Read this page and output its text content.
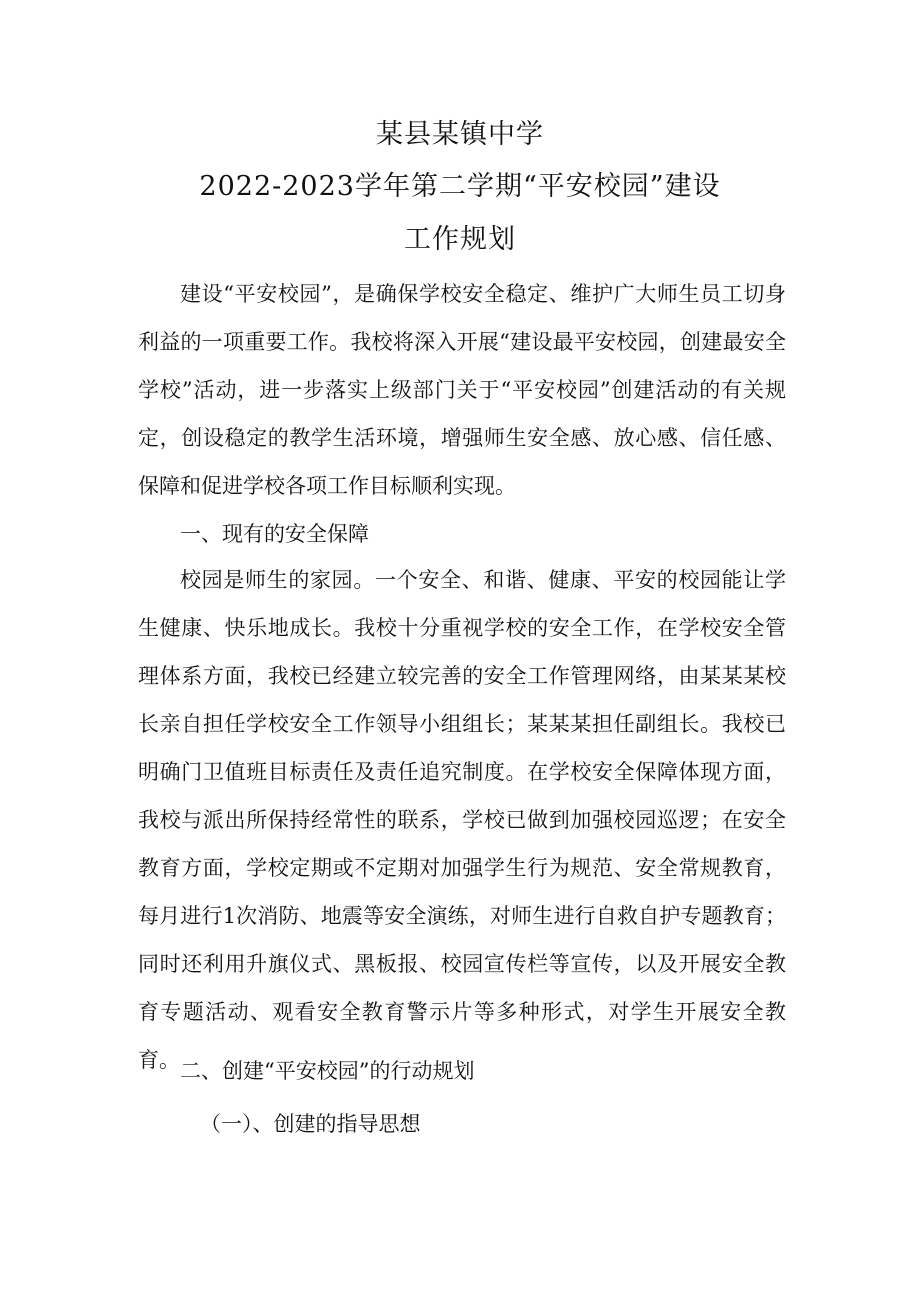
某县某镇中学
2022-2023学年第二学期“平安校园”建设
工作规划

建设“平安校园”，是确保学校安全稳定、维护广大师生员工切身利益的一项重要工作。我校将深入开展“建设最平安校园，创建最安全学校”活动，进一步落实上级部门关于“平安校园”创建活动的有关规定，创设稳定的教学生活环境，增强师生安全感、放心感、信任感、保障和促进学校各项工作目标顺利实现。

一、现有的安全保障

校园是师生的家园。一个安全、和谐、健康、平安的校园能让学生健康、快乐地成长。我校十分重视学校的安全工作，在学校安全管理体系方面，我校已经建立较完善的安全工作管理网络，由某某某校长亲自担任学校安全工作领导小组组长；某某某担任副组长。我校已明确门卫值班目标责任及责任追究制度。在学校安全保障体现方面，我校与派出所保持经常性的联系，学校已做到加强校园巡逻；在安全教育方面，学校定期或不定期对加强学生行为规范、安全常规教育，每月进行1次消防、地震等安全演练，对师生进行自救自护专题教育；同时还利用升旗仪式、黑板报、校园宣传栏等宣传，以及开展安全教育专题活动、观看安全教育警示片等多种形式，对学生开展安全教育。 二、创建“平安校园”的行动规划

（一）、创建的指导思想
